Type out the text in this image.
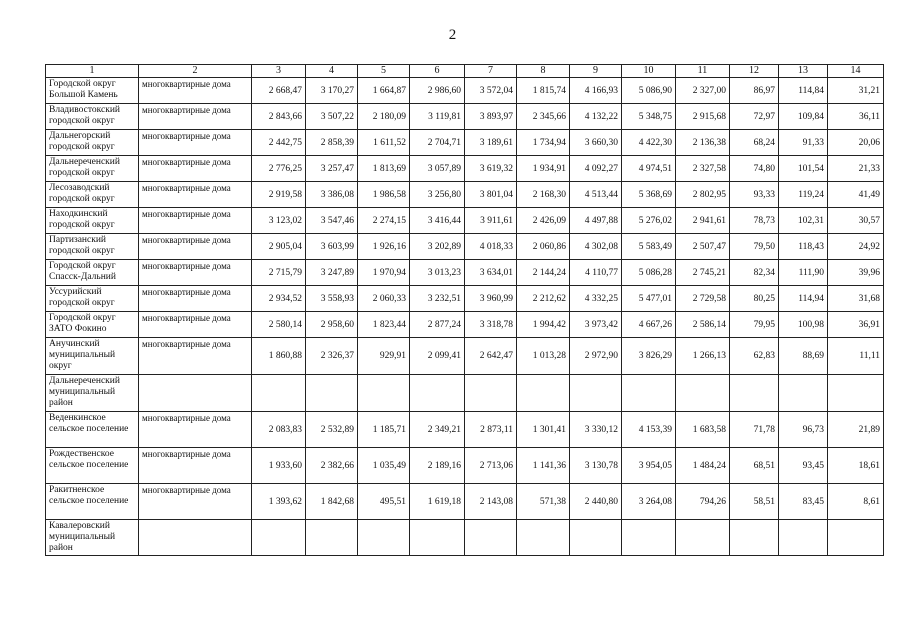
2
1	2	3	4	5	6	7	8	9	10	11	12	13	14
Городской округ Большой Камень	многоквартирные дома	2 668,47	3 170,27	1 664,87	2 986,60	3 572,04	1 815,74	4 166,93	5 086,90	2 327,00	86,97	114,84	31,21
Владивостокский городской округ	многоквартирные дома	2 843,66	3 507,22	2 180,09	3 119,81	3 893,97	2 345,66	4 132,22	5 348,75	2 915,68	72,97	109,84	36,11
Дальнегорский городской округ	многоквартирные дома	2 442,75	2 858,39	1 611,52	2 704,71	3 189,61	1 734,94	3 660,30	4 422,30	2 136,38	68,24	91,33	20,06
Дальнереченский городской округ	многоквартирные дома	2 776,25	3 257,47	1 813,69	3 057,89	3 619,32	1 934,91	4 092,27	4 974,51	2 327,58	74,80	101,54	21,33
Лесозаводский городской округ	многоквартирные дома	2 919,58	3 386,08	1 986,58	3 256,80	3 801,04	2 168,30	4 513,44	5 368,69	2 802,95	93,33	119,24	41,49
Находкинский городской округ	многоквартирные дома	3 123,02	3 547,46	2 274,15	3 416,44	3 911,61	2 426,09	4 497,88	5 276,02	2 941,61	78,73	102,31	30,57
Партизанский городской округ	многоквартирные дома	2 905,04	3 603,99	1 926,16	3 202,89	4 018,33	2 060,86	4 302,08	5 583,49	2 507,47	79,50	118,43	24,92
Городской округ Спасск-Дальний	многоквартирные дома	2 715,79	3 247,89	1 970,94	3 013,23	3 634,01	2 144,24	4 110,77	5 086,28	2 745,21	82,34	111,90	39,96
Уссурийский городской округ	многоквартирные дома	2 934,52	3 558,93	2 060,33	3 232,51	3 960,99	2 212,62	4 332,25	5 477,01	2 729,58	80,25	114,94	31,68
Городской округ ЗАТО Фокино	многоквартирные дома	2 580,14	2 958,60	1 823,44	2 877,24	3 318,78	1 994,42	3 973,42	4 667,26	2 586,14	79,95	100,98	36,91
Анучинский муниципальный округ	многоквартирные дома	1 860,88	2 326,37	929,91	2 099,41	2 642,47	1 013,28	2 972,90	3 826,29	1 266,13	62,83	88,69	11,11
Дальнереченский муниципальный район													
Веденкинское сельское поселение	многоквартирные дома	2 083,83	2 532,89	1 185,71	2 349,21	2 873,11	1 301,41	3 330,12	4 153,39	1 683,58	71,78	96,73	21,89
Рождественское сельское поселение	многоквартирные дома	1 933,60	2 382,66	1 035,49	2 189,16	2 713,06	1 141,36	3 130,78	3 954,05	1 484,24	68,51	93,45	18,61
Ракитненское сельское поселение	многоквартирные дома	1 393,62	1 842,68	495,51	1 619,18	2 143,08	571,38	2 440,80	3 264,08	794,26	58,51	83,45	8,61
Кавалеровский муниципальный район													
